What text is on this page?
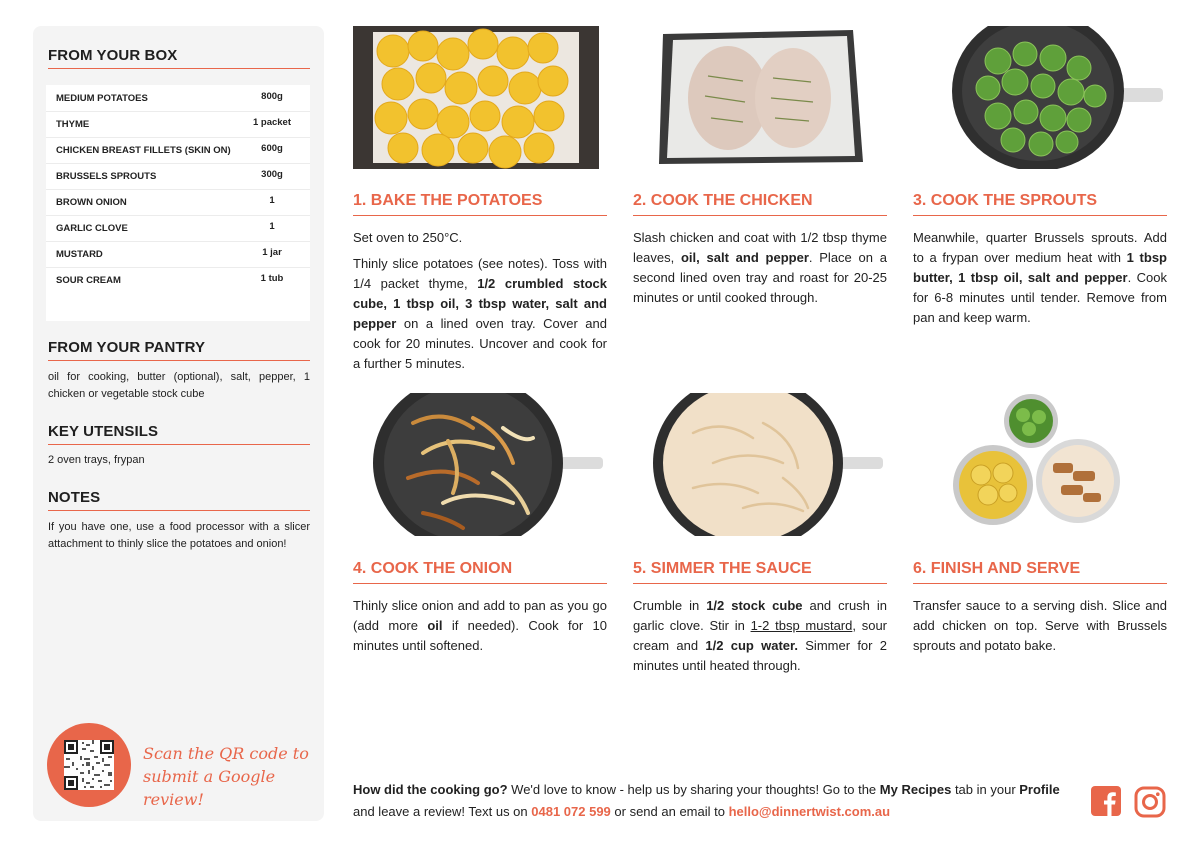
FROM YOUR BOX
MEDIUM POTATOES	800g
THYME	1 packet
CHICKEN BREAST FILLETS (SKIN ON)	600g
BRUSSELS SPROUTS	300g
BROWN ONION	1
GARLIC CLOVE	1
MUSTARD	1 jar
SOUR CREAM	1 tub
FROM YOUR PANTRY
oil for cooking, butter (optional), salt, pepper, 1 chicken or vegetable stock cube
KEY UTENSILS
2 oven trays, frypan
NOTES
If you have one, use a food processor with a slicer attachment to thinly slice the potatoes and onion!
Scan the QR code to
submit a Google review!
1. BAKE THE POTATOES

Set oven to 250°C.

Thinly slice potatoes (see notes). Toss with 1/4 packet thyme, 1/2 crumbled stock cube, 1 tbsp oil, 3 tbsp water, salt and pepper on a lined oven tray. Cover and cook for 20 minutes. Uncover and cook for a further 5 minutes.

2. COOK THE CHICKEN

Slash chicken and coat with 1/2 tbsp thyme leaves, oil, salt and pepper. Place on a second lined oven tray and roast for 20-25 minutes or until cooked through.

3. COOK THE SPROUTS

Meanwhile, quarter Brussels sprouts. Add to a frypan over medium heat with 1 tbsp butter, 1 tbsp oil, salt and pepper. Cook for 6-8 minutes until tender. Remove from pan and keep warm.

4. COOK THE ONION

Thinly slice onion and add to pan as you go (add more oil if needed). Cook for 10 minutes until softened.

5. SIMMER THE SAUCE

Crumble in 1/2 stock cube and crush in garlic clove. Stir in 1-2 tbsp mustard, sour cream and 1/2 cup water. Simmer for 2 minutes until heated through.

6. FINISH AND SERVE

Transfer sauce to a serving dish. Slice and add chicken on top. Serve with Brussels sprouts and potato bake.

How did the cooking go? We'd love to know - help us by sharing your thoughts! Go to the My Recipes tab in your Profile and leave a review! Text us on 0481 072 599 or send an email to hello@dinnertwist.com.au
